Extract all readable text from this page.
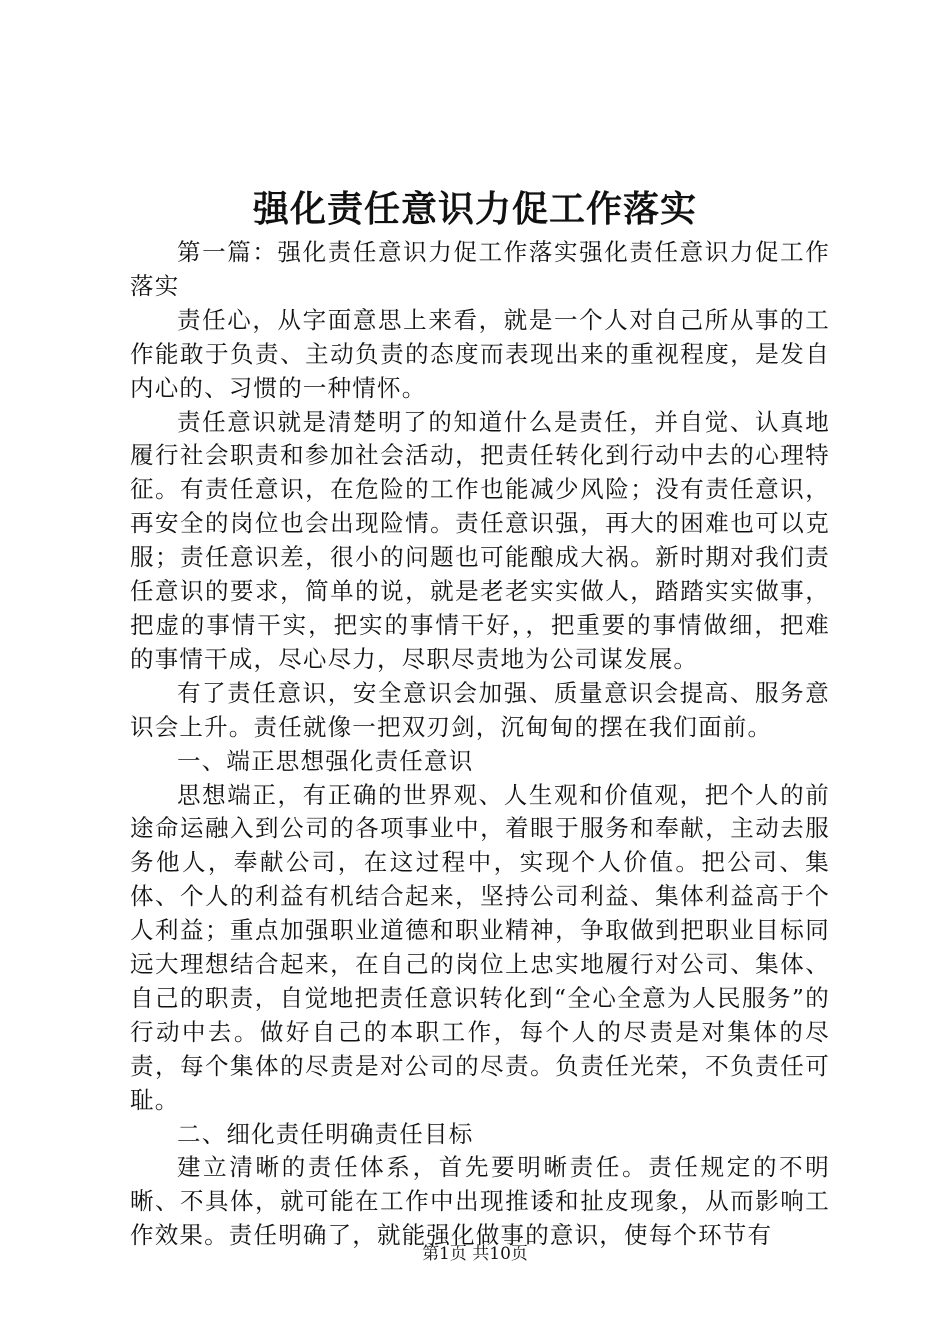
强化责任意识力促工作落实

第一篇：强化责任意识力促工作落实强化责任意识力促工作落实

责任心，从字面意思上来看，就是一个人对自己所从事的工作能敢于负责、主动负责的态度而表现出来的重视程度，是发自内心的、习惯的一种情怀。

责任意识就是清楚明了的知道什么是责任，并自觉、认真地履行社会职责和参加社会活动，把责任转化到行动中去的心理特征。有责任意识，在危险的工作也能减少风险；没有责任意识，再安全的岗位也会出现险情。责任意识强，再大的困难也可以克服；责任意识差，很小的问题也可能酿成大祸。新时期对我们责任意识的要求，简单的说，就是老老实实做人，踏踏实实做事，把虚的事情干实，把实的事情干好，，把重要的事情做细，把难的事情干成，尽心尽力，尽职尽责地为公司谋发展。

有了责任意识，安全意识会加强、质量意识会提高、服务意识会上升。责任就像一把双刃剑，沉甸甸的摆在我们面前。

一、端正思想强化责任意识

思想端正，有正确的世界观、人生观和价值观，把个人的前途命运融入到公司的各项事业中，着眼于服务和奉献，主动去服务他人，奉献公司，在这过程中，实现个人价值。把公司、集体、个人的利益有机结合起来，坚持公司利益、集体利益高于个人利益；重点加强职业道德和职业精神，争取做到把职业目标同远大理想结合起来，在自己的岗位上忠实地履行对公司、集体、自己的职责，自觉地把责任意识转化到“全心全意为人民服务”的行动中去。做好自己的本职工作，每个人的尽责是对集体的尽责，每个集体的尽责是对公司的尽责。负责任光荣，不负责任可耻。

二、细化责任明确责任目标

建立清晰的责任体系，首先要明晰责任。责任规定的不明晰、不具体，就可能在工作中出现推诿和扯皮现象，从而影响工作效果。责任明确了，就能强化做事的意识，使每个环节有

第1页 共10页
